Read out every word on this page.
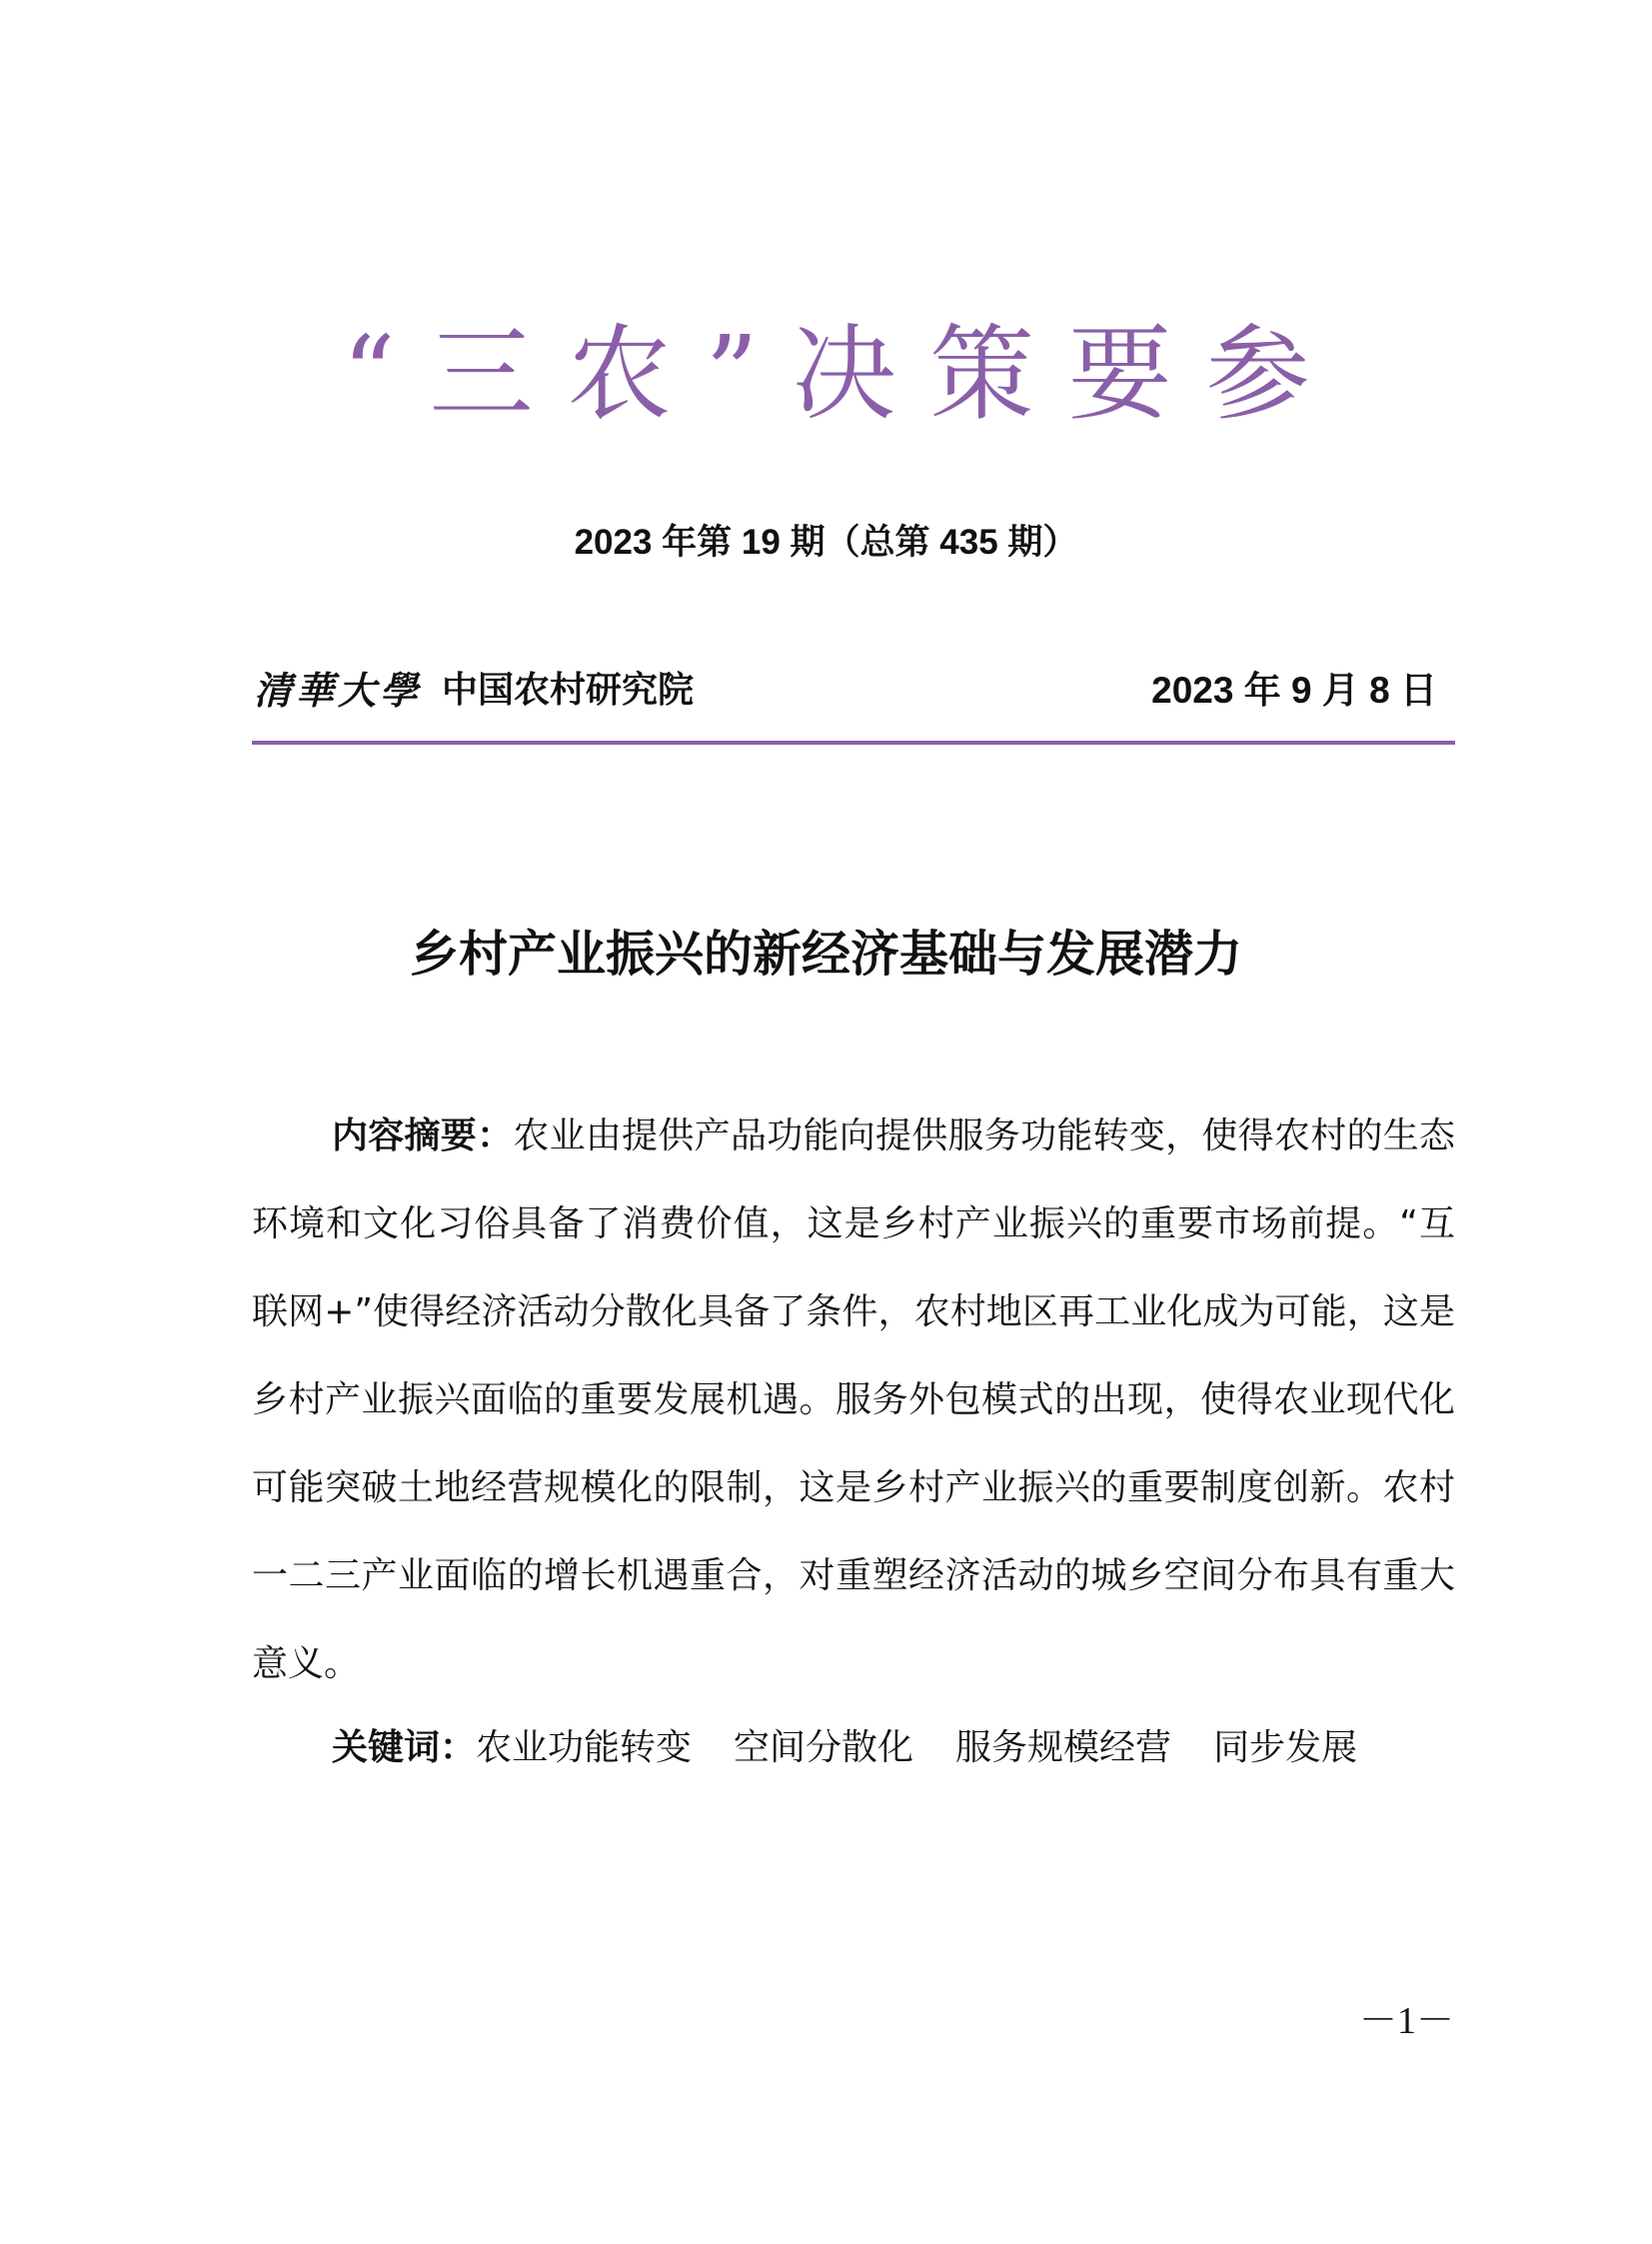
“三农”决策要参
2023 年第 19 期（总第 435 期）
清華大學 中国农村研究院	2023 年 9 月 8 日
乡村产业振兴的新经济基础与发展潜力

内容摘要：农业由提供产品功能向提供服务功能转变，使得农村的生态环境和文化习俗具备了消费价值，这是乡村产业振兴的重要市场前提。“互联网+”使得经济活动分散化具备了条件，农村地区再工业化成为可能，这是乡村产业振兴面临的重要发展机遇。服务外包模式的出现，使得农业现代化可能突破土地经营规模化的限制，这是乡村产业振兴的重要制度创新。农村一二三产业面临的增长机遇重合，对重塑经济活动的城乡空间分布具有重大意义。

关键词：农业功能转变 空间分散化 服务规模经营 同步发展
－1－
